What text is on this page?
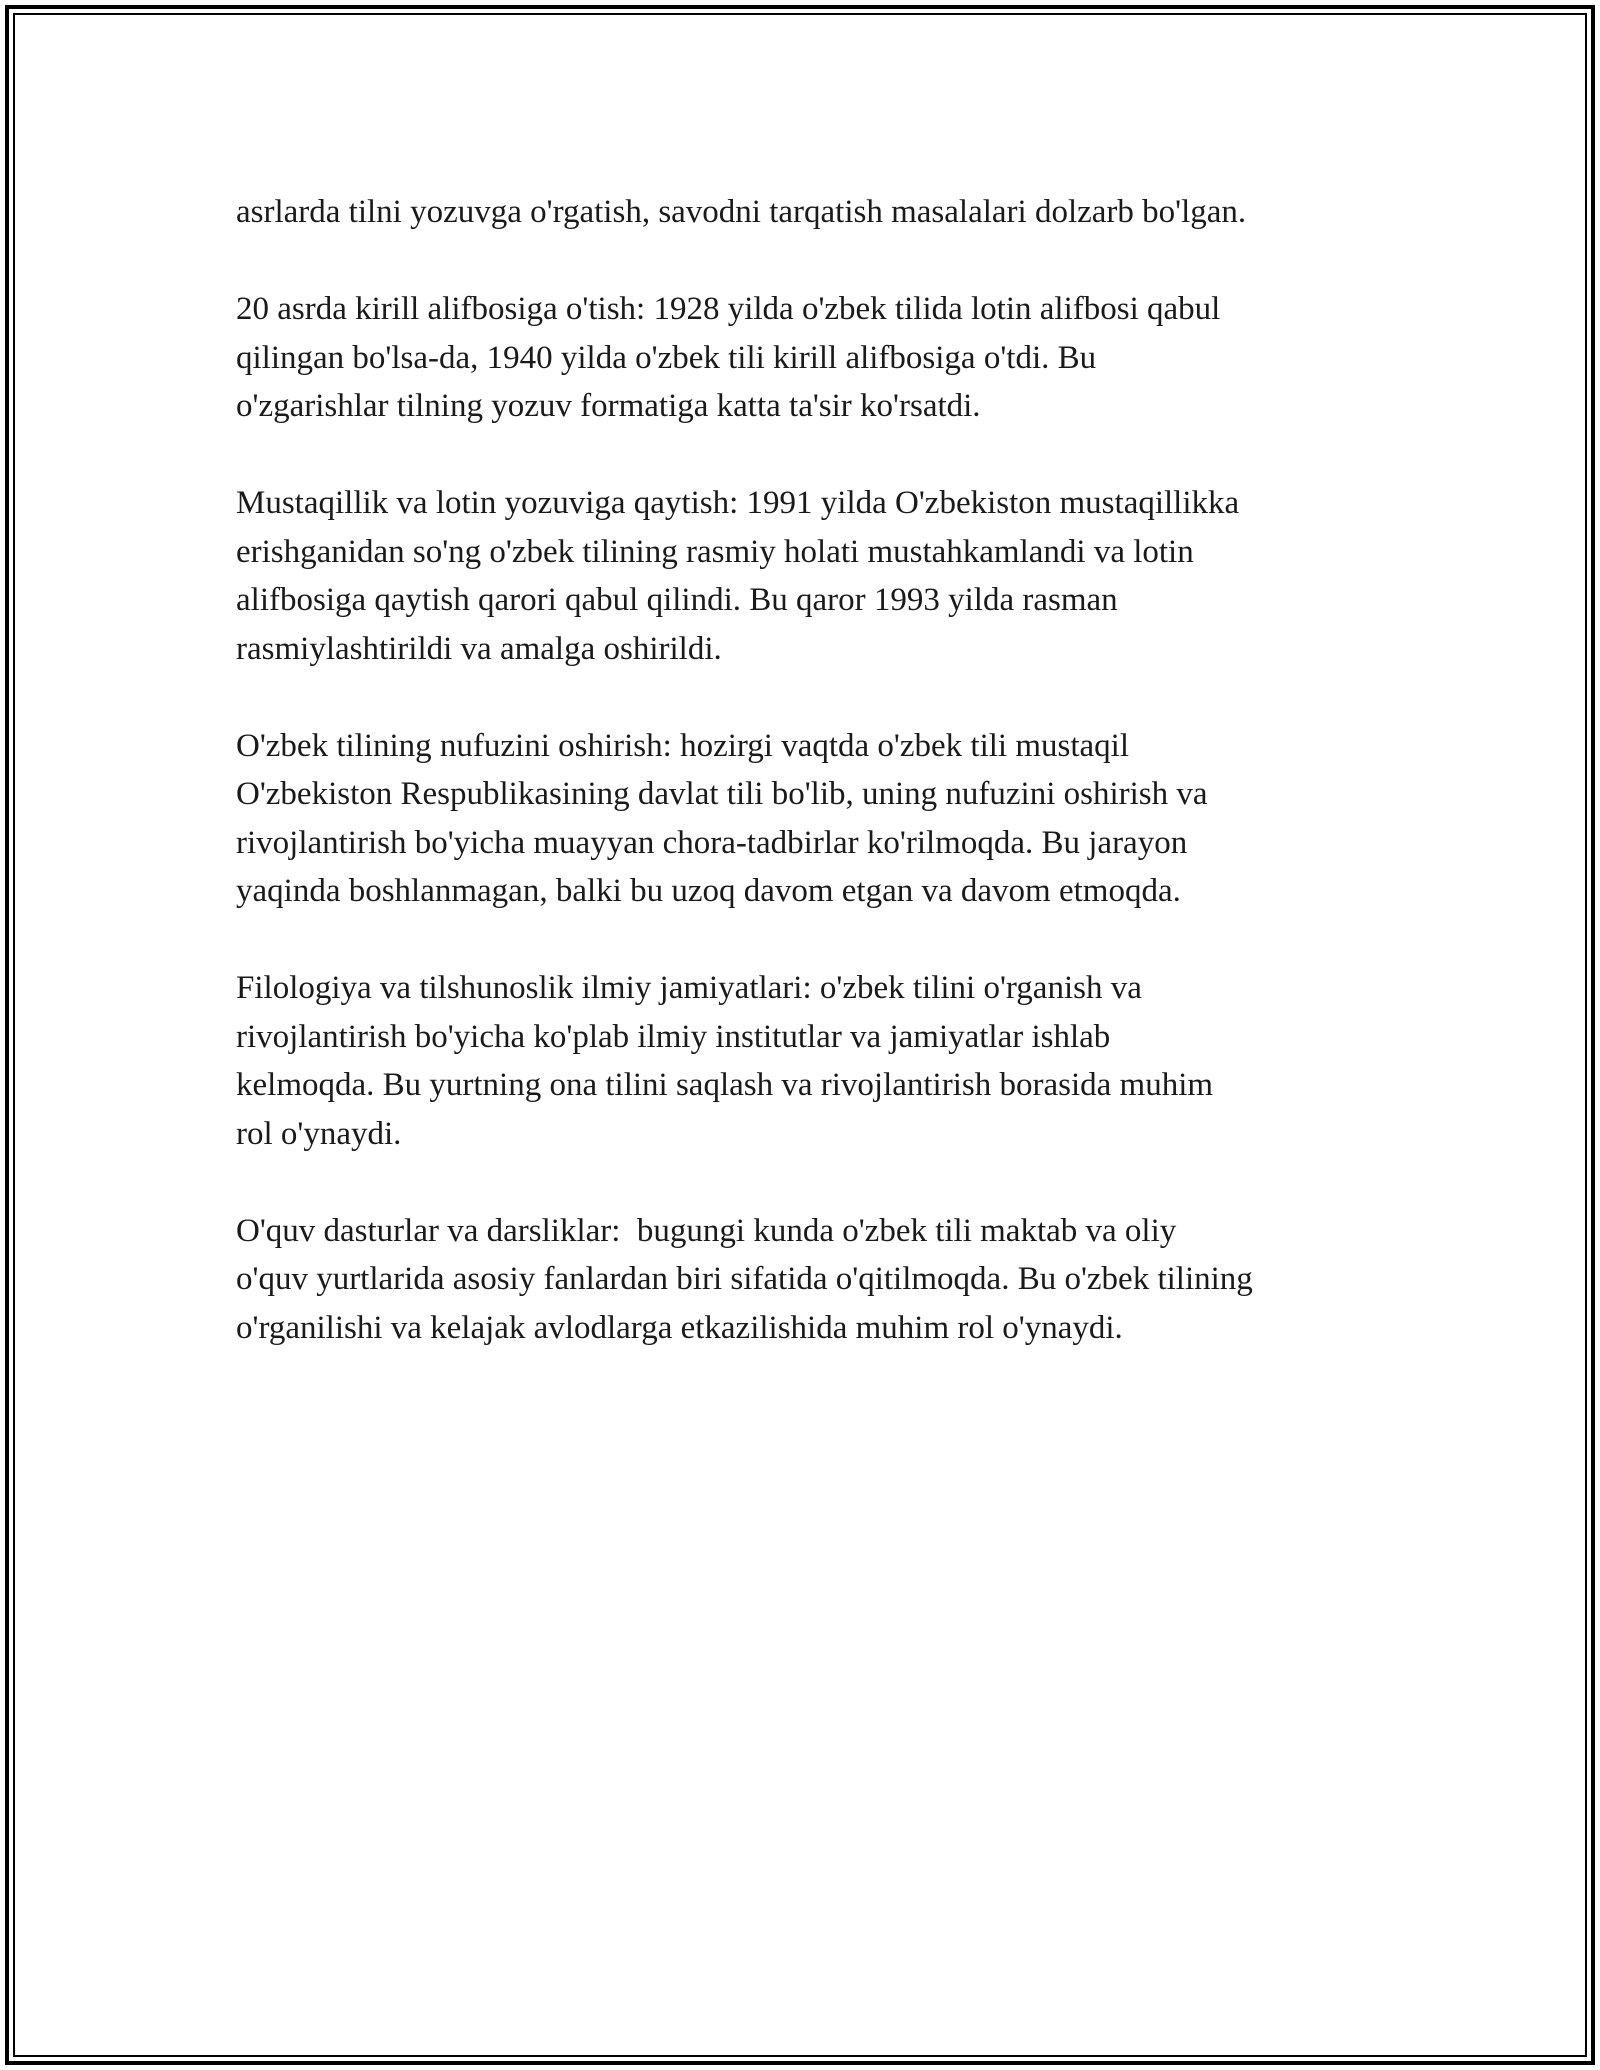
asrlarda tilni yozuvga o'rgatish, savodni tarqatish masalalari dolzarb bo'lgan.

20 asrda kirill alifbosiga o'tish: 1928 yilda o'zbek tilida lotin alifbosi qabul
qilingan bo'lsa-da, 1940 yilda o'zbek tili kirill alifbosiga o'tdi. Bu
o'zgarishlar tilning yozuv formatiga katta ta'sir ko'rsatdi.

Mustaqillik va lotin yozuviga qaytish: 1991 yilda O'zbekiston mustaqillikka
erishganidan so'ng o'zbek tilining rasmiy holati mustahkamlandi va lotin
alifbosiga qaytish qarori qabul qilindi. Bu qaror 1993 yilda rasman
rasmiylashtirildi va amalga oshirildi.

O'zbek tilining nufuzini oshirish: hozirgi vaqtda o'zbek tili mustaqil
O'zbekiston Respublikasining davlat tili bo'lib, uning nufuzini oshirish va
rivojlantirish bo'yicha muayyan chora-tadbirlar ko'rilmoqda. Bu jarayon
yaqinda boshlanmagan, balki bu uzoq davom etgan va davom etmoqda.

Filologiya va tilshunoslik ilmiy jamiyatlari: o'zbek tilini o'rganish va
rivojlantirish bo'yicha ko'plab ilmiy institutlar va jamiyatlar ishlab
kelmoqda. Bu yurtning ona tilini saqlash va rivojlantirish borasida muhim
rol o'ynaydi.

O'quv dasturlar va darsliklar:  bugungi kunda o'zbek tili maktab va oliy
o'quv yurtlarida asosiy fanlardan biri sifatida o'qitilmoqda. Bu o'zbek tilining
o'rganilishi va kelajak avlodlarga etkazilishida muhim rol o'ynaydi.
